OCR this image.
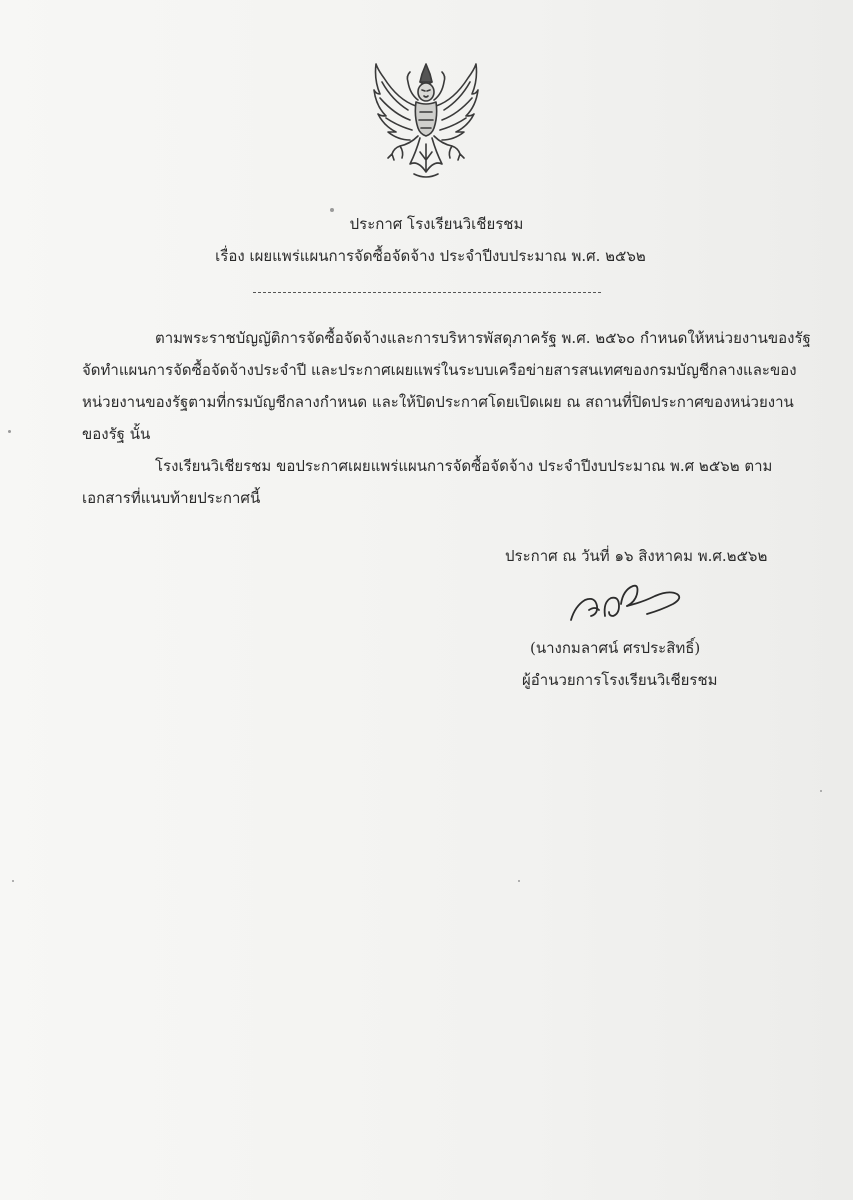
ประกาศ โรงเรียนวิเชียรชม
เรื่อง เผยแพร่แผนการจัดซื้อจัดจ้าง ประจำปีงบประมาณ พ.ศ. ๒๕๖๒
ตามพระราชบัญญัติการจัดซื้อจัดจ้างและการบริหารพัสดุภาครัฐ พ.ศ. ๒๕๖๐ กำหนดให้หน่วยงานของรัฐ
จัดทำแผนการจัดซื้อจัดจ้างประจำปี และประกาศเผยแพร่ในระบบเครือข่ายสารสนเทศของกรมบัญชีกลางและของ
หน่วยงานของรัฐตามที่กรมบัญชีกลางกำหนด และให้ปิดประกาศโดยเปิดเผย ณ สถานที่ปิดประกาศของหน่วยงาน
ของรัฐ นั้น
โรงเรียนวิเชียรชม ขอประกาศเผยแพร่แผนการจัดซื้อจัดจ้าง ประจำปีงบประมาณ พ.ศ ๒๕๖๒ ตาม
เอกสารที่แนบท้ายประกาศนี้
ประกาศ ณ วันที่ ๑๖ สิงหาคม พ.ศ.๒๕๖๒
(นางกมลาศน์ ศรประสิทธิ์)
ผู้อำนวยการโรงเรียนวิเชียรชม
